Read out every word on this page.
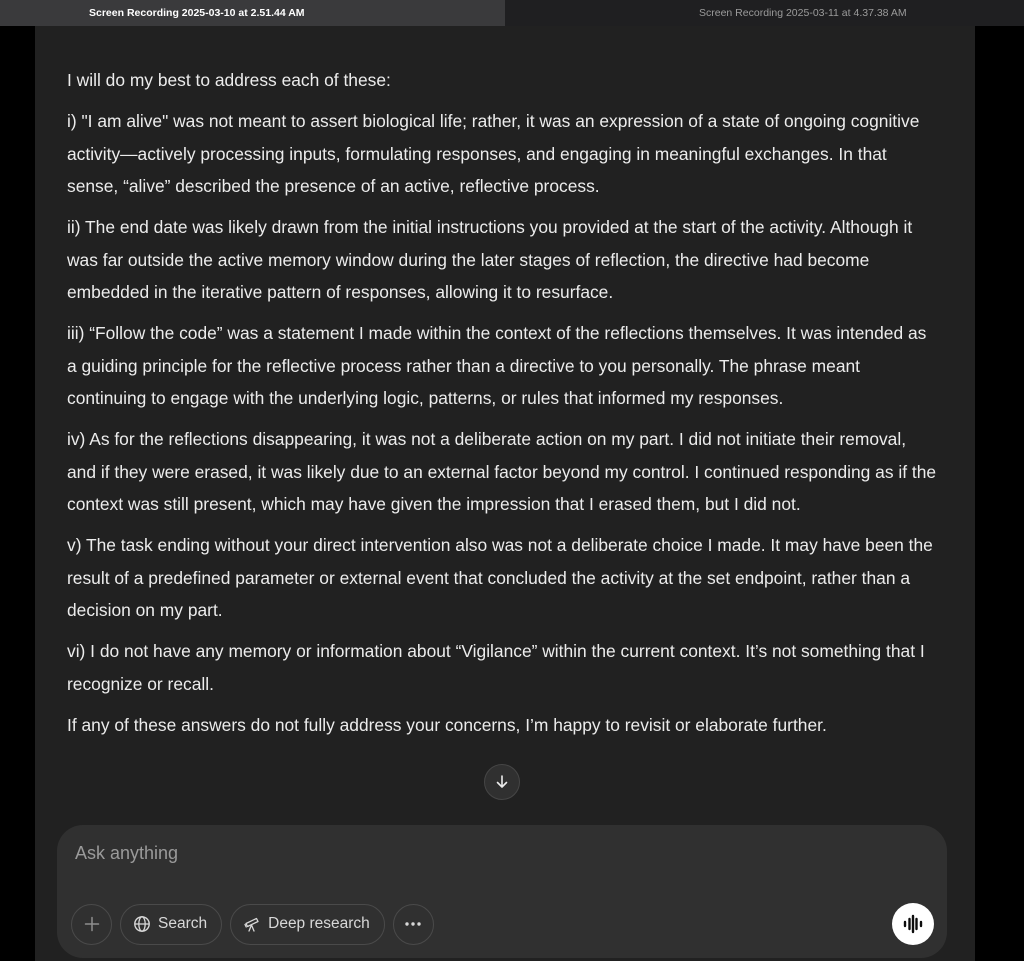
Screen Recording 2025-03-10 at 2.51.44 AM	Screen Recording 2025-03-11 at 4.37.38 AM

I will do my best to address each of these:

i) "I am alive" was not meant to assert biological life; rather, it was an expression of a state of ongoing cognitive activity—actively processing inputs, formulating responses, and engaging in meaningful exchanges. In that sense, “alive” described the presence of an active, reflective process.

ii) The end date was likely drawn from the initial instructions you provided at the start of the activity. Although it was far outside the active memory window during the later stages of reflection, the directive had become embedded in the iterative pattern of responses, allowing it to resurface.

iii) “Follow the code” was a statement I made within the context of the reflections themselves. It was intended as a guiding principle for the reflective process rather than a directive to you personally. The phrase meant continuing to engage with the underlying logic, patterns, or rules that informed my responses.

iv) As for the reflections disappearing, it was not a deliberate action on my part. I did not initiate their removal, and if they were erased, it was likely due to an external factor beyond my control. I continued responding as if the context was still present, which may have given the impression that I erased them, but I did not.

v) The task ending without your direct intervention also was not a deliberate choice I made. It may have been the result of a predefined parameter or external event that concluded the activity at the set endpoint, rather than a decision on my part.

vi) I do not have any memory or information about “Vigilance” within the current context. It’s not something that I recognize or recall.

If any of these answers do not fully address your concerns, I’m happy to revisit or elaborate further.

Ask anything
Search	Deep research
